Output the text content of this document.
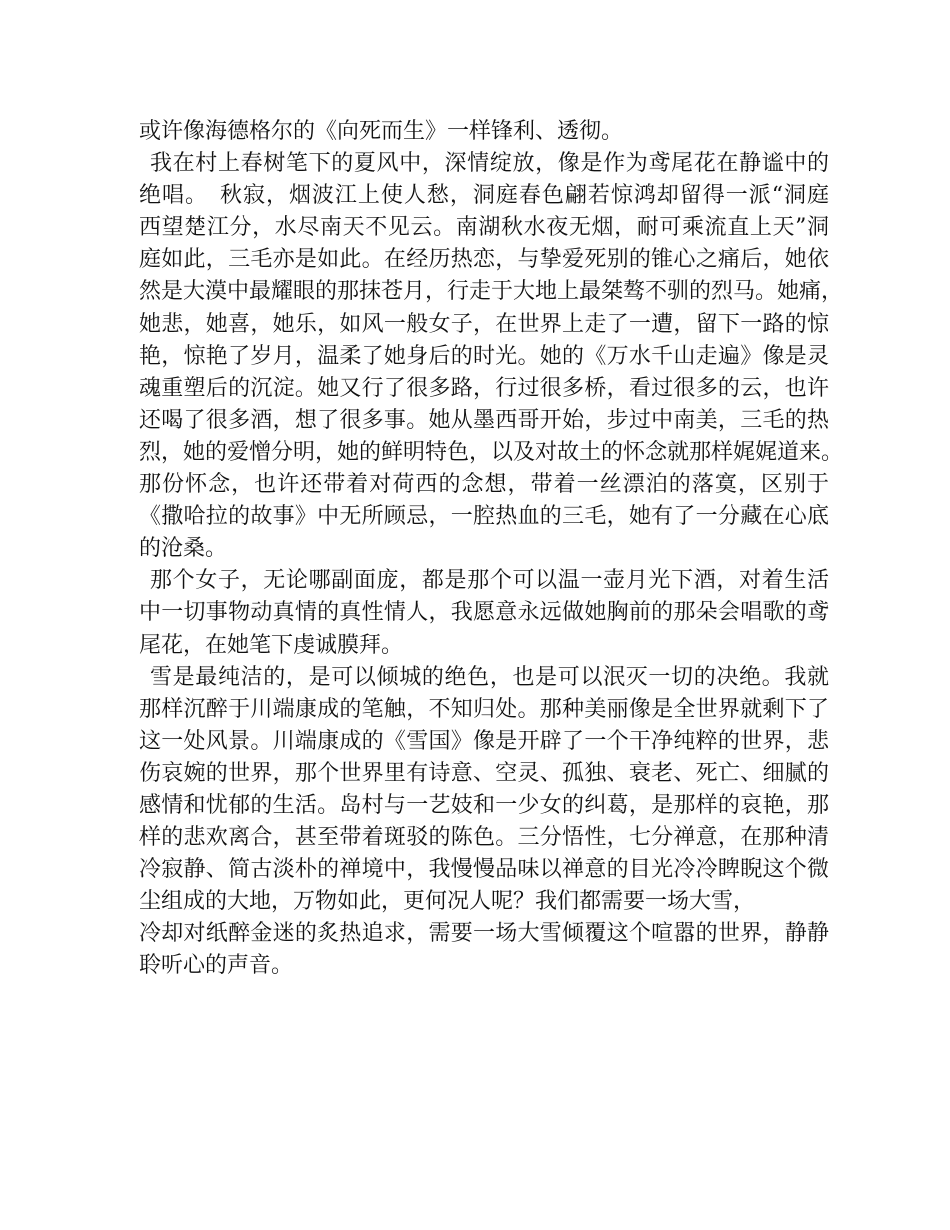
或许像海德格尔的《向死而生》一样锋利、透彻。
我在村上春树笔下的夏风中，深情绽放，像是作为鸢尾花在静谧中的
绝唱。　秋寂，烟波江上使人愁，洞庭春色翩若惊鸿却留得一派“洞庭
西望楚江分，水尽南天不见云。南湖秋水夜无烟，耐可乘流直上天”洞
庭如此，三毛亦是如此。在经历热恋，与挚爱死别的锥心之痛后，她依
然是大漠中最耀眼的那抹苍月，行走于大地上最桀骜不驯的烈马。她痛，
她悲，她喜，她乐，如风一般女子，在世界上走了一遭，留下一路的惊
艳，惊艳了岁月，温柔了她身后的时光。她的《万水千山走遍》像是灵
魂重塑后的沉淀。她又行了很多路，行过很多桥，看过很多的云，也许
还喝了很多酒，想了很多事。她从墨西哥开始，步过中南美，三毛的热
烈，她的爱憎分明，她的鲜明特色，以及对故土的怀念就那样娓娓道来。
那份怀念，也许还带着对荷西的念想，带着一丝漂泊的落寞，区别于
《撒哈拉的故事》中无所顾忌，一腔热血的三毛，她有了一分藏在心底
的沧桑。
那个女子，无论哪副面庞，都是那个可以温一壶月光下酒，对着生活
中一切事物动真情的真性情人，我愿意永远做她胸前的那朵会唱歌的鸢
尾花，在她笔下虔诚膜拜。
雪是最纯洁的，是可以倾城的绝色，也是可以泯灭一切的决绝。我就
那样沉醉于川端康成的笔触，不知归处。那种美丽像是全世界就剩下了
这一处风景。川端康成的《雪国》像是开辟了一个干净纯粹的世界，悲
伤哀婉的世界，那个世界里有诗意、空灵、孤独、衰老、死亡、细腻的
感情和忧郁的生活。岛村与一艺妓和一少女的纠葛，是那样的哀艳，那
样的悲欢离合，甚至带着斑驳的陈色。三分悟性，七分禅意，在那种清
冷寂静、简古淡朴的禅境中，我慢慢品味以禅意的目光冷冷睥睨这个微
尘组成的大地，万物如此，更何况人呢？我们都需要一场大雪，
冷却对纸醉金迷的炙热追求，需要一场大雪倾覆这个喧嚣的世界，静静
聆听心的声音。
